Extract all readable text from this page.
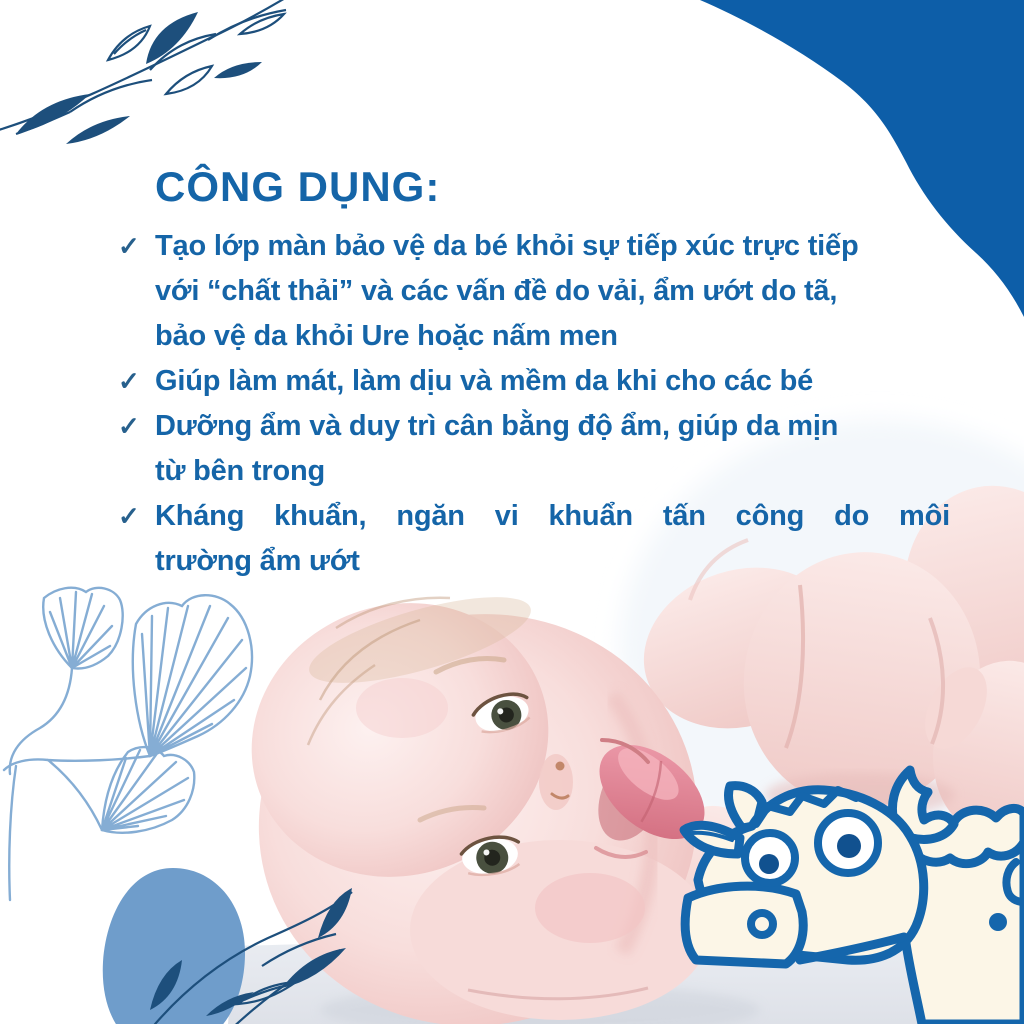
CÔNG DỤNG:
✓ Tạo lớp màn bảo vệ da bé khỏi sự tiếp xúc trực tiếp
với “chất thải” và các vấn đề do vải, ẩm ướt do tã,
bảo vệ da khỏi Ure hoặc nấm men
✓ Giúp làm mát, làm dịu và mềm da khi cho các bé
✓ Dưỡng ẩm và duy trì cân bằng độ ẩm, giúp da mịn
từ bên trong
✓ Kháng khuẩn, ngăn vi khuẩn tấn công do môi
trường ẩm ướt
